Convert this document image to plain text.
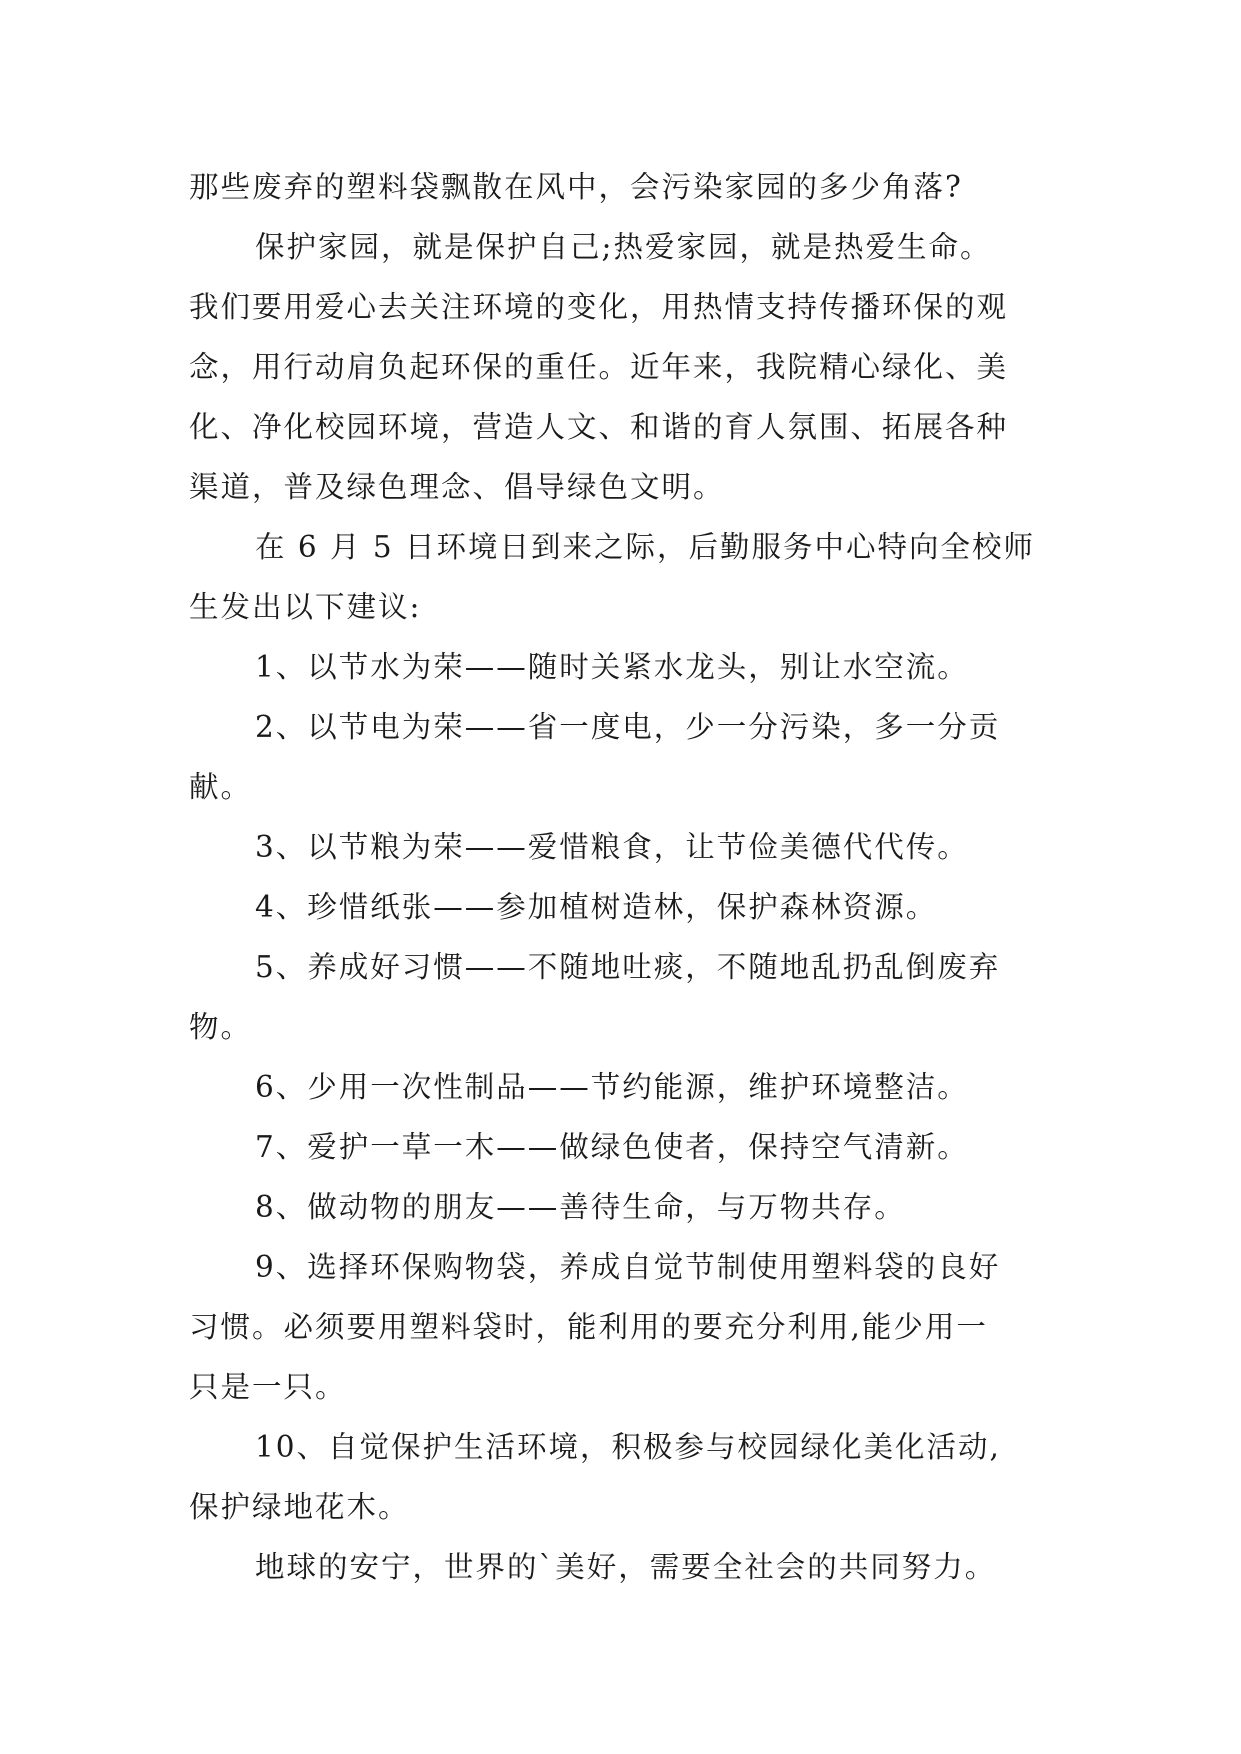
那些废弃的塑料袋飘散在风中，会污染家园的多少角落?
保护家园，就是保护自己;热爱家园，就是热爱生命。
我们要用爱心去关注环境的变化，用热情支持传播环保的观
念，用行动肩负起环保的重任。近年来，我院精心绿化、美
化、净化校园环境，营造人文、和谐的育人氛围、拓展各种
渠道，普及绿色理念、倡导绿色文明。
在 6 月 5 日环境日到来之际，后勤服务中心特向全校师
生发出以下建议:
1、以节水为荣——随时关紧水龙头，别让水空流。
2、以节电为荣——省一度电，少一分污染，多一分贡
献。
3、以节粮为荣——爱惜粮食，让节俭美德代代传。
4、珍惜纸张——参加植树造林，保护森林资源。
5、养成好习惯——不随地吐痰，不随地乱扔乱倒废弃
物。
6、少用一次性制品——节约能源，维护环境整洁。
7、爱护一草一木——做绿色使者，保持空气清新。
8、做动物的朋友——善待生命，与万物共存。
9、选择环保购物袋，养成自觉节制使用塑料袋的良好
习惯。必须要用塑料袋时，能利用的要充分利用,能少用一
只是一只。
10、自觉保护生活环境，积极参与校园绿化美化活动,
保护绿地花木。
地球的安宁，世界的`美好，需要全社会的共同努力。
